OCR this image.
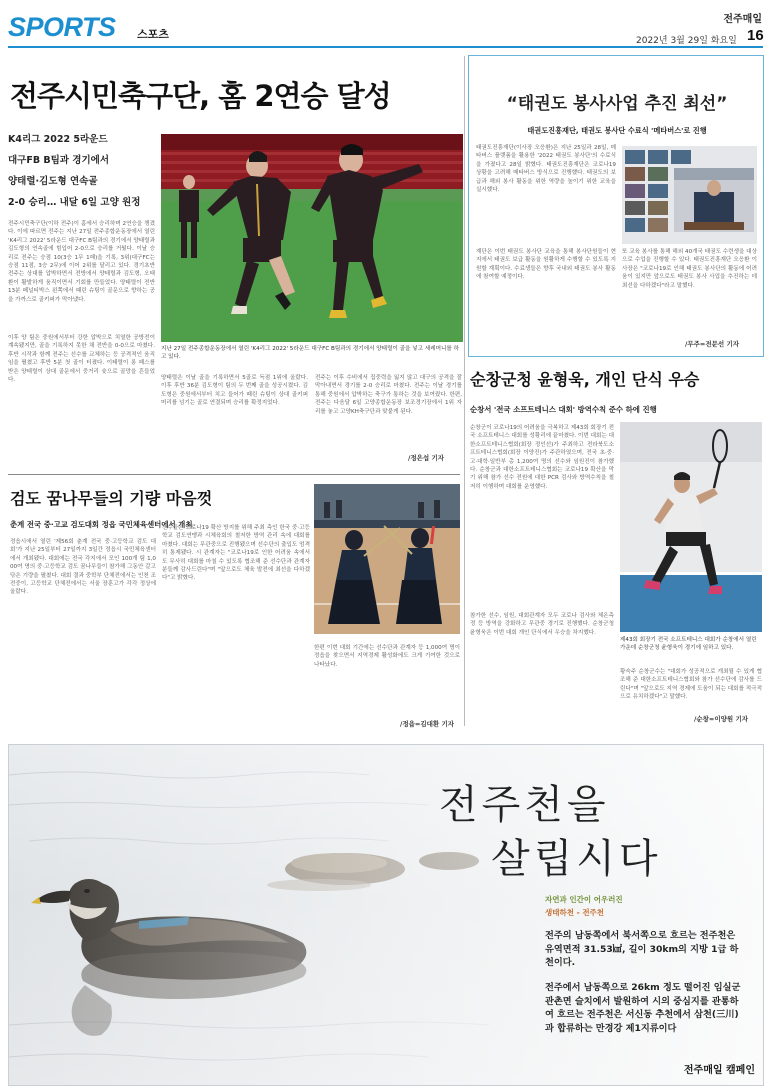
SPORTS 스포츠
전주매일
2022년 3월 29일 화요일 16
전주시민축구단, 홈 2연승 달성
K4리그 2022 5라운드
대구FB B팀과 경기에서
양태렬·김도형 연속골
2-0 승리… 내달 6일 고양 원정
전주시민축구단(이하 전주)이 홈에서 승리하며 2연승을 챙겼다. 이에 따르면 전주는 지난 27일 전주종합운동장에서 열린 'K4리그 2022' 5라운드 대구FC B팀과의 경기에서 양태렬과 김도형의 연속골에 힘입어 2-0으로 승리를 거뒀다. 이날 승리로 전주는 승점 10(3승 1무 1패)을 기록, 3위(대구FC는 승점 11점, 3승 2무)에 이어 2위를 달리고 있다. 경기초반 전주는 상대를 압박하면서 전방에서 양태렬과 김도형, 오태환이 활발하게 움직이면서 기회를 만들었다. 양태렬이 전반 13분 페널티박스 왼쪽에서 때린 슈팅이 골문으로 향하는 공을 가까스로 골키퍼가 막아냈다.
지난 27일 전주종합운동장에서 열린 'K4리그 2022' 5라운드 대구FC B팀과의 경기에서 양태렬이 골을 넣고 세레머니를 하고 있다.
이후 양 팀은 중원에서부터 강한 압박으로 치열한 공방전이 계속됐지만, 골을 기록하지 못한 채 전반을 0-0으로 마쳤다. 후반 시작과 함께 전주는 선수를 교체하는 등 공격적인 움직임을 펼쳤고 후반 5분 첫 골이 터졌다. 이태렬이 롱 패스를 받은 양태렬이 상대 골문에서 중거리 슛으로 골망을 흔들었다.	양태렬은 이날 골을 기록하면서 5골로 득점 1위에 올랐다. 이후 후반 36분 김도형이 팀의 두 번째 골을 성공시켰다. 김도형은 중원에서부터 치고 들어가 때린 슈팅이 상대 골키퍼 머리를 넘기는 골로 연결되며 승리를 확정지었다.
전주는 이후 수비에서 집중력을 잃지 않고 대구의 공격을 잘 막아내면서 경기를 2-0 승리로 마쳤다. 전주는 이날 경기를 통해 중원에서 압박하는 축구가 통하는 것을 보여줬다. 한편, 전주는 다음달 6일 고양종합운동장 보조경기장에서 1위 자리를 놓고 고양KH축구단과 맞붙게 된다.
/정은섭 기자
“태권도 봉사사업 추진 최선”
태권도진흥재단, 태권도 봉사단 수료식 '메타버스'로 진행
태권도진흥재단(이사장 오응환)은 지난 25일과 28일, 메타버스 플랫폼을 활용한 '2022 태권도 봉사단'의 수료식을 가졌다고 28일 밝혔다. 태권도진흥재단은 코로나19 상황을 고려해 메타버스 방식으로 진행했다. 태권도의 보급과 해외 봉사 활동을 위한 역량을 높이기 위한 교육을 실시했다.
재단은 이번 태권도 봉사단 교육을 통해 봉사단원들이 현지에서 태권도 보급 활동을 원활하게 수행할 수 있도록 지원할 계획이다. 수료생들은 향후 국내외 태권도 봉사 활동에 참여할 예정이다.
또 교육 봉사를 통해 해외 40개국 태권도 수련생을 대상으로 수업을 진행할 수 있다. 태권도진흥재단 오응환 이사장은 "코로나19로 인해 태권도 봉사단의 활동에 어려움이 있지만 앞으로도 태권도 봉사 사업을 추진하는 데 최선을 다하겠다"라고 말했다.
/무주=전문선 기자
순창군청 윤형욱, 개인 단식 우승
순창서 '전국 소프트테니스 대회' 방역수칙 준수 하에 진행
순창군이 코로나19의 어려움을 극복하고 제43회 회장기 전국 소프트테니스 대회를 성황리에 끝마쳤다. 이번 대회는 대한소프트테니스협회(회장 정인선)가 주최하고 전라북도소프트테니스협회(회장 이양진)가 주관하였으며, 전국 초·중·고·대학·일반부 총 1,200여 명의 선수와 임원진이 참가했다. 순창군과 대한소프트테니스협회는 코로나19 확산을 막기 위해 참가 선수 전원에 대한 PCR 검사와 방역수칙을 철저히 이행하며 대회를 운영했다.
참가한 선수, 임원, 대회관계자 모두 코로나 검사와 체온측정 등 방역을 강화하고 무관중 경기로 진행했다. 순창군청 윤형욱은 이번 대회 개인 단식에서 우승을 차지했다.
제43회 회장기 전국 소프트테니스 대회가 순창에서 열린 가운데 순창군청 윤형욱이 경기에 임하고 있다.
황숙주 순창군수는 "대회가 성공적으로 개최될 수 있게 협조해 준 대한소프트테니스협회와 참가 선수단에 감사를 드린다"며 "앞으로도 지역 경제에 도움이 되는 대회를 적극적으로 유치하겠다"고 말했다.
/순창=이양원 기자
검도 꿈나무들의 기량 마음껏
춘계 전국 중·고교 검도대회 정읍 국민체육센터에서 개최
정읍시에서 열린 '제56회 춘계 전국 중·고등학교 검도 대회'가 지난 25일부터 27일까지 3일간 정읍시 국민체육센터에서 개최됐다. 대회에는 전국 각지에서 모인 100개 팀 1,000여 명의 중·고등학교 검도 꿈나무들이 참가해 그동안 갈고닦은 기량을 펼쳤다. 대회 결과 중학부 단체전에서는 인천 조전중이, 고등학교 단체전에서는 서울 장훈고가 각각 정상에 올랐다.
선수들은 코로나19 확산 방지를 위해 주최 측인 한국 중·고등학교 검도연맹과 시체육회의 철저한 방역 관리 속에 대회를 마쳤다. 대회는 무관중으로 진행됐으며 선수단의 출입도 엄격히 통제됐다. 시 관계자는 "코로나19로 인한 어려움 속에서도 무사히 대회를 마칠 수 있도록 협조해 준 선수단과 관계자분들께 감사드린다"며 "앞으로도 체육 발전에 최선을 다하겠다"고 밝혔다.
한편 이번 대회 기간에는 선수단과 관계자 등 1,000여 명이 정읍을 찾으면서 지역경제 활성화에도 크게 기여한 것으로 나타났다.
/정읍=김대환 기자
전주천을
살립시다
자연과 인간이 어우러진
생태하천 - 전주천
전주의 남동쪽에서 북서쪽으로 흐르는 전주천은 유역면적 31.53㎢, 길이 30km의 지방 1급 하천이다.
전주에서 남동쪽으로 26km 정도 떨어진 임실군 관촌면 슬치에서 발원하여 시의 중심지를 관통하여 흐르는 전주천은 서신동 추천에서 삼천(三川)과 합류하는 만경강 제1지류이다
전주매일 캠페인
